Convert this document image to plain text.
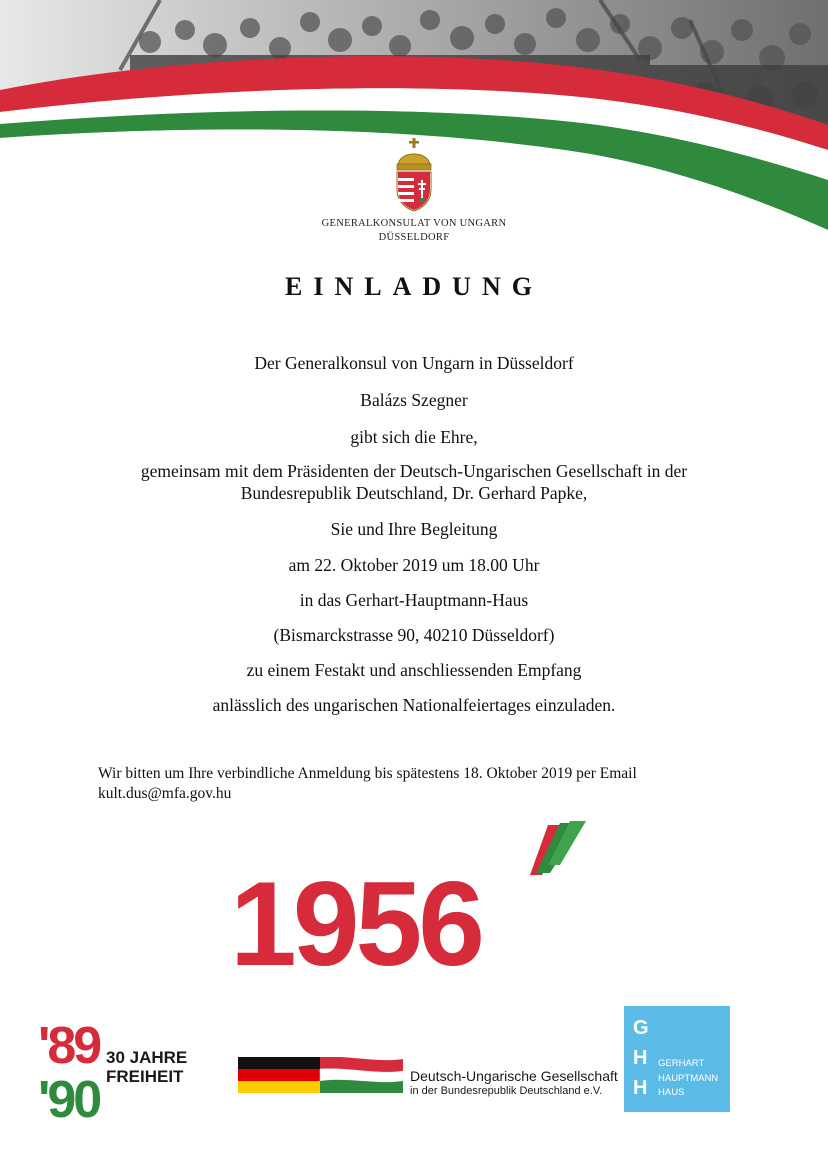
GENERALKONSULAT VON UNGARN
DÜSSELDORF
EINLADUNG
Der Generalkonsul von Ungarn in Düsseldorf
Balázs Szegner
gibt sich die Ehre,
gemeinsam mit dem Präsidenten der Deutsch-Ungarischen Gesellschaft in der
Bundesrepublik Deutschland, Dr. Gerhard Papke,
Sie und Ihre Begleitung
am 22. Oktober 2019 um 18.00 Uhr
in das Gerhart-Hauptmann-Haus
(Bismarckstrasse 90, 40210 Düsseldorf)
zu einem Festakt und anschliessenden Empfang
anlässlich des ungarischen Nationalfeiertages einzuladen.
Wir bitten um Ihre verbindliche Anmeldung bis spätestens 18. Oktober 2019 per Email
kult.dus@mfa.gov.hu
1956
'89
'90
30 JAHRE
FREIHEIT	Deutsch-Ungarische Gesellschaft
in der Bundesrepublik Deutschland e.V.
G
H
H
GERHART
HAUPTMANN
HAUS
